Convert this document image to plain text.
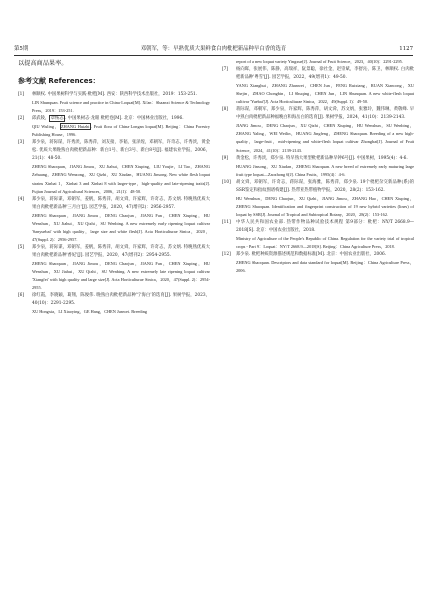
第5期	邓朝军，等：早熟优质大果鲜食白肉枇杷新品种早白香的选育	1127

以提高商品果率。

参考文献 References：
[1]	林顺权. 中国果树科学与实践·枇杷[M]. 西安：陕西科学技术出版社，2019：153-251.
LIN Shunquan. Fruit science and practice in China·Loquat[M]. Xi'an：Shaanxi Science & Technology Press，2019：153-251.
[2]	邱武陵， 章恢志 . 中国果树志·龙眼 枇杷卷[M]. 北京：中国林业出版社，1996.
QIU Wuling， ZHANG Huizhi . Fruit flora of China·Longan loquat[M]. Beijing：China Forestry Publishing House，1996.
[3]	郑少泉，蒋际谋，许秀淡，陈秀萍，刘友接，李韬，张泽煌，邓朝军，许奇志，许秀淡，黄金松. 优质大果晚熟白肉枇杷新品种：新白1号、新白3号、新白8号[J]. 福建农业学报，2006，21(1)：48-50.
ZHENG Shaoquan，JIANG Jimou，XU Jiahui，CHEN Xiuping，LIU Youjie，LI Tao，ZHANG Zehuang，ZHENG Wenzong，XU Qizhi，XU Xiudan，HUANG Jinsong. New white flesh loquat strains Xinbai 1，Xinbai 3 and Xinbai 8 with larger-type，high-quality and late-ripening traits[J]. Fujian Journal of Agricultural Sciences，2006，21(1)：48-50.
[4]	郑少泉，蒋际谋，邓朝军，姜帆，陈秀萍，胡文舜，许家辉，许奇志，苏文炳. 特晚熟优质大果白肉枇杷新品种'三月白'[J]. 园艺学报，2020，47(增刊2)：2956-2957.
ZHENG Shaoquan，JIANG Jimou，DENG Chaojun，JIANG Fan，CHEN Xiuping，HU Wenshun，XU Jiahui，XU Qizhi，SU Wenbing. A new extremely early ripening loquat cultivar 'Sanyuebai' with high quality，large size and white flesh[J]. Acta Horticulturae Sinica，2020，47(Suppl. 2)：2956-2957.
[5]	郑少泉，蒋际谋，邓朝军，姜帆，陈秀萍，胡文舜，许家辉，许奇志，苏文炳. 特晚熟优质大果白肉枇杷新品种'香妃'[J]. 园艺学报，2020，47(增刊2)：2954-2955.
ZHENG Shaoquan，JIANG Jimou，DENG Chaojun，JIANG Fan，CHEN Xiuping，HU Wenshun，XU Jiahui，XU Qizhi，SU Wenbing. A new extremely late ripening loquat cultivar 'Xiangfei' with high quality and large size[J]. Acta Horticulturae Sinica，2020，47(Suppl. 2)：2954-2955.
[6]	徐红霞，李晓颖，葛翔，陈俊伟. 晚熟白肉枇杷新品种'宁海白'的选育[J]. 果树学报，2023，40(10)：2291-2295.
XU Hongxia，LI Xiaoying，GE Hang，CHEN Junwei. Breeding
report of a new loquat variety Yingxue[J]. Journal of Fruit Science，2023，40(10)：2291-2295.
[7]	杨向晖，张展伟，陈静，高瑞祥，阮景聪，徐社金，赵崇斌，李舒沁，陈卫，林顺权. 白肉枇杷新品种'粤雪'[J]. 园艺学报，2022，49(增刊1)：49-50.
YANG Xianghui，ZHANG Zhanwei，CHEN Jun，FENG Ruixiang，RUAN Xiancong，XU Shejin，ZHAO Chongbin，LI Shuqing，CHEN Jun，LIN Shunquan. A new white-flesh loquat cultivar 'Yuebai'[J]. Acta Horticulturae Sinica，2022，49(Suppl. 1)：49-50.
[8]	蒋际谋，邓朝军，郑少泉，许家辉，陈秀萍，胡文舜，苏文炳，张雅玲，魏伟琳，黄敬峰. 早中熟白肉枇杷新品种福晚白和海岳白的选育[J]. 果树学报，2024，41(10)：2139-2143.
JIANG Jimou，DENG Chaojun，XU Qizhi，CHEN Xiuping，HU Wenshun，SU Wenbing，ZHANG Yaling，WEI Weilin，HUANG Jingfeng，ZHENG Shaoquan. Breeding of a new high-quality，large-fruit，mid-ripening and white-flesh loquat cultivar Zhongbai[J]. Journal of Fruit Science，2024，41(10)：2139-2143.
[9]	黄金松，许秀淡，郑少泉. 特早熟大果型枇杷新品种早钟6号[J]. 中国果树，1995(4)：4-6.
HUANG Jinsong，XU Xiudan，ZHENG Shaoquan. A new breed of extremely early maturing large fruit type loquat—Zaozhong 6[J]. China Fruits，1995(4)：4-6.
[10]	胡文舜，邓朝军，许奇志，蒋际谋，张海雅，陈秀萍，郑少泉. 19个枇杷杂交新品种(系)的SSR鉴定和指纹图谱构建[J]. 热带亚热带植物学报，2020，28(2)：153-162.
HU Wenshun，DENG Chaojun，XU Qizhi，JIANG Jimou，ZHANG Hao，CHEN Xiuping，ZHENG Shaoquan. Identification and fingerprint construction of 19 new hybrid varieties (lines) of loquat by SSR[J]. Journal of Tropical and Subtropical Botany，2020，28(2)：153-162.
[11]	中华人民共和国农业部. 热带作物品种试验技术规程 第9部分：枇杷：NY/T 2668.9—2018[S]. 北京：中国农业出版社，2018.
Ministry of Agriculture of the People's Republic of China. Regulation for the variety trial of tropical crops - Part 9：Loquat：NY/T 2668.9—2018[S]. Beijing：China Agriculture Press，2018.
[12]	郑少泉. 枇杷种质资源描述规范和数据标准[M]. 北京：中国农业出版社，2006.
ZHENG Shaoquan. Descriptors and data standard for loquat[M]. Beijing：China Agriculture Press，2006.
